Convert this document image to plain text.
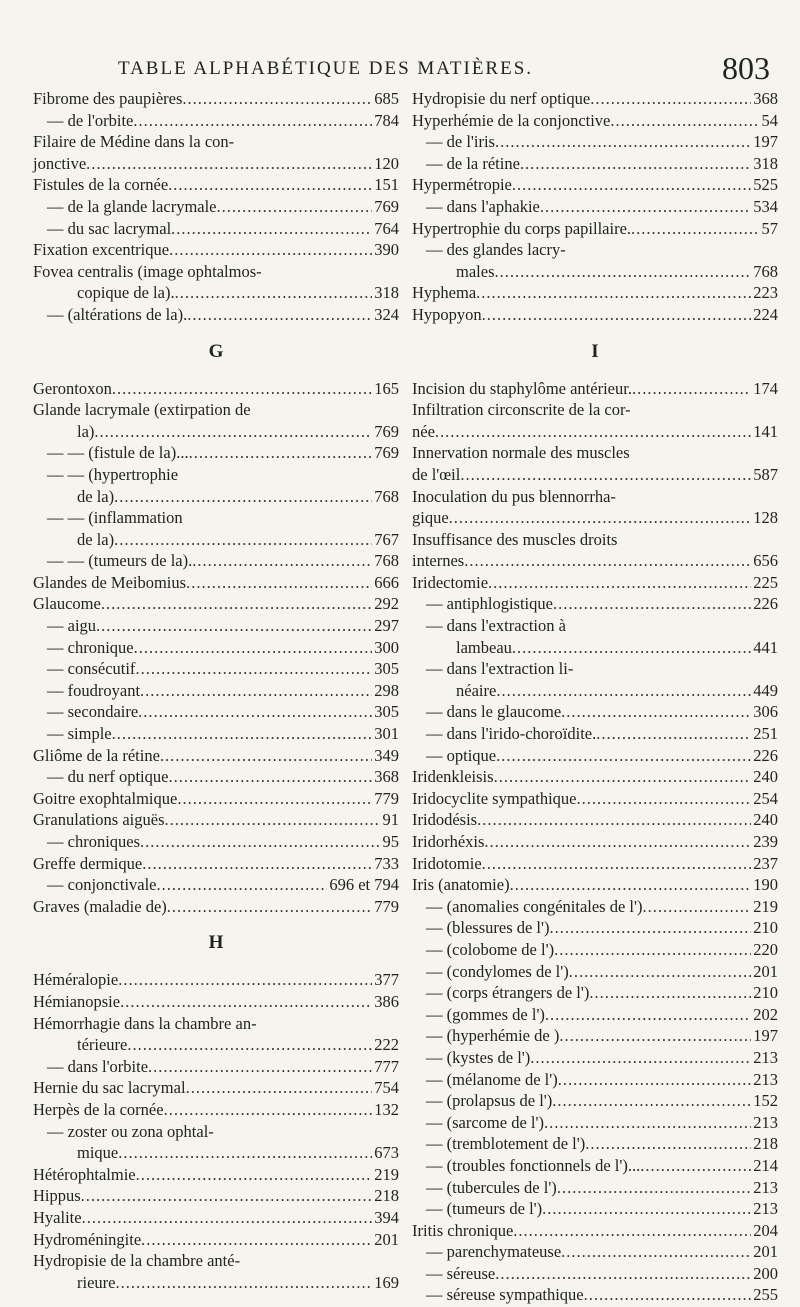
TABLE ALPHABÉTIQUE DES MATIÈRES.	803
Fibrome des paupières .....	685
— de l'orbite .....	784
Filaire de Médine dans la con-
jonctive .....	120
Fistules de la cornée .....	151
— de la glande lacrymale .....	769
— du sac lacrymal .....	764
Fixation excentrique .....	390
Fovea centralis (image ophtalmos-
copique de la). .....	318
— (altérations de la). .....	324
G
Gerontoxon .....	165
Glande lacrymale (extirpation de
la) .....	769
— — (fistule de la)... .....	769
— — (hypertrophie
de la) .....	768
— — (inflammation
de la) .....	767
— — (tumeurs de la). .....	768
Glandes de Meibomius .....	666
Glaucome .....	292
— aigu .....	297
— chronique .....	300
— consécutif .....	305
— foudroyant .....	298
— secondaire .....	305
— simple .....	301
Gliôme de la rétine .....	349
— du nerf optique .....	368
Goitre exophtalmique .....	779
Granulations aiguës .....	91
— chroniques .....	95
Greffe dermique .....	733
— conjonctivale .....	696 et 794
Graves (maladie de) .....	779
H
Héméralopie .....	377
Hémianopsie .....	386
Hémorrhagie dans la chambre an-
térieure .....	222
— dans l'orbite .....	777
Hernie du sac lacrymal .....	754
Herpès de la cornée .....	132
— zoster ou zona ophtal-
mique .....	673
Hétérophtalmie .....	219
Hippus .....	218
Hyalite .....	394
Hydroméningite .....	201
Hydropisie de la chambre anté-
rieure .....	169
Hydropisie du nerf optique .....	368
Hyperhémie de la conjonctive .....	54
— de l'iris .....	197
— de la rétine .....	318
Hypermétropie .....	525
— dans l'aphakie .....	534
Hypertrophie du corps papillaire. .....	57
— des glandes lacry-
males .....	768
Hyphema .....	223
Hypopyon .....	224
I
Incision du staphylôme antérieur. .....	174
Infiltration circonscrite de la cor-
née .....	141
Innervation normale des muscles
de l'œil .....	587
Inoculation du pus blennorrha-
gique .....	128
Insuffisance des muscles droits
internes .....	656
Iridectomie .....	225
— antiphlogistique .....	226
— dans l'extraction à
lambeau .....	441
— dans l'extraction li-
néaire .....	449
— dans le glaucome .....	306
— dans l'irido-choroïdite. .....	251
— optique .....	226
Iridenkleisis .....	240
Iridocyclite sympathique .....	254
Iridodésis .....	240
Iridorhéxis .....	239
Iridotomie .....	237
Iris (anatomie) .....	190
— (anomalies congénitales de l') .....	219
— (blessures de l') .....	210
— (colobome de l') .....	220
— (condylomes de l') .....	201
— (corps étrangers de l') .....	210
— (gommes de l') .....	202
— (hyperhémie de ) .....	197
— (kystes de l') .....	213
— (mélanome de l') .....	213
— (prolapsus de l') .....	152
— (sarcome de l') .....	213
— (tremblotement de l') .....	218
— (troubles fonctionnels de l')... .....	214
— (tubercules de l') .....	213
— (tumeurs de l') .....	213
Iritis chronique .....	204
— parenchymateuse .....	201
— séreuse .....	200
— séreuse sympathique .....	255
